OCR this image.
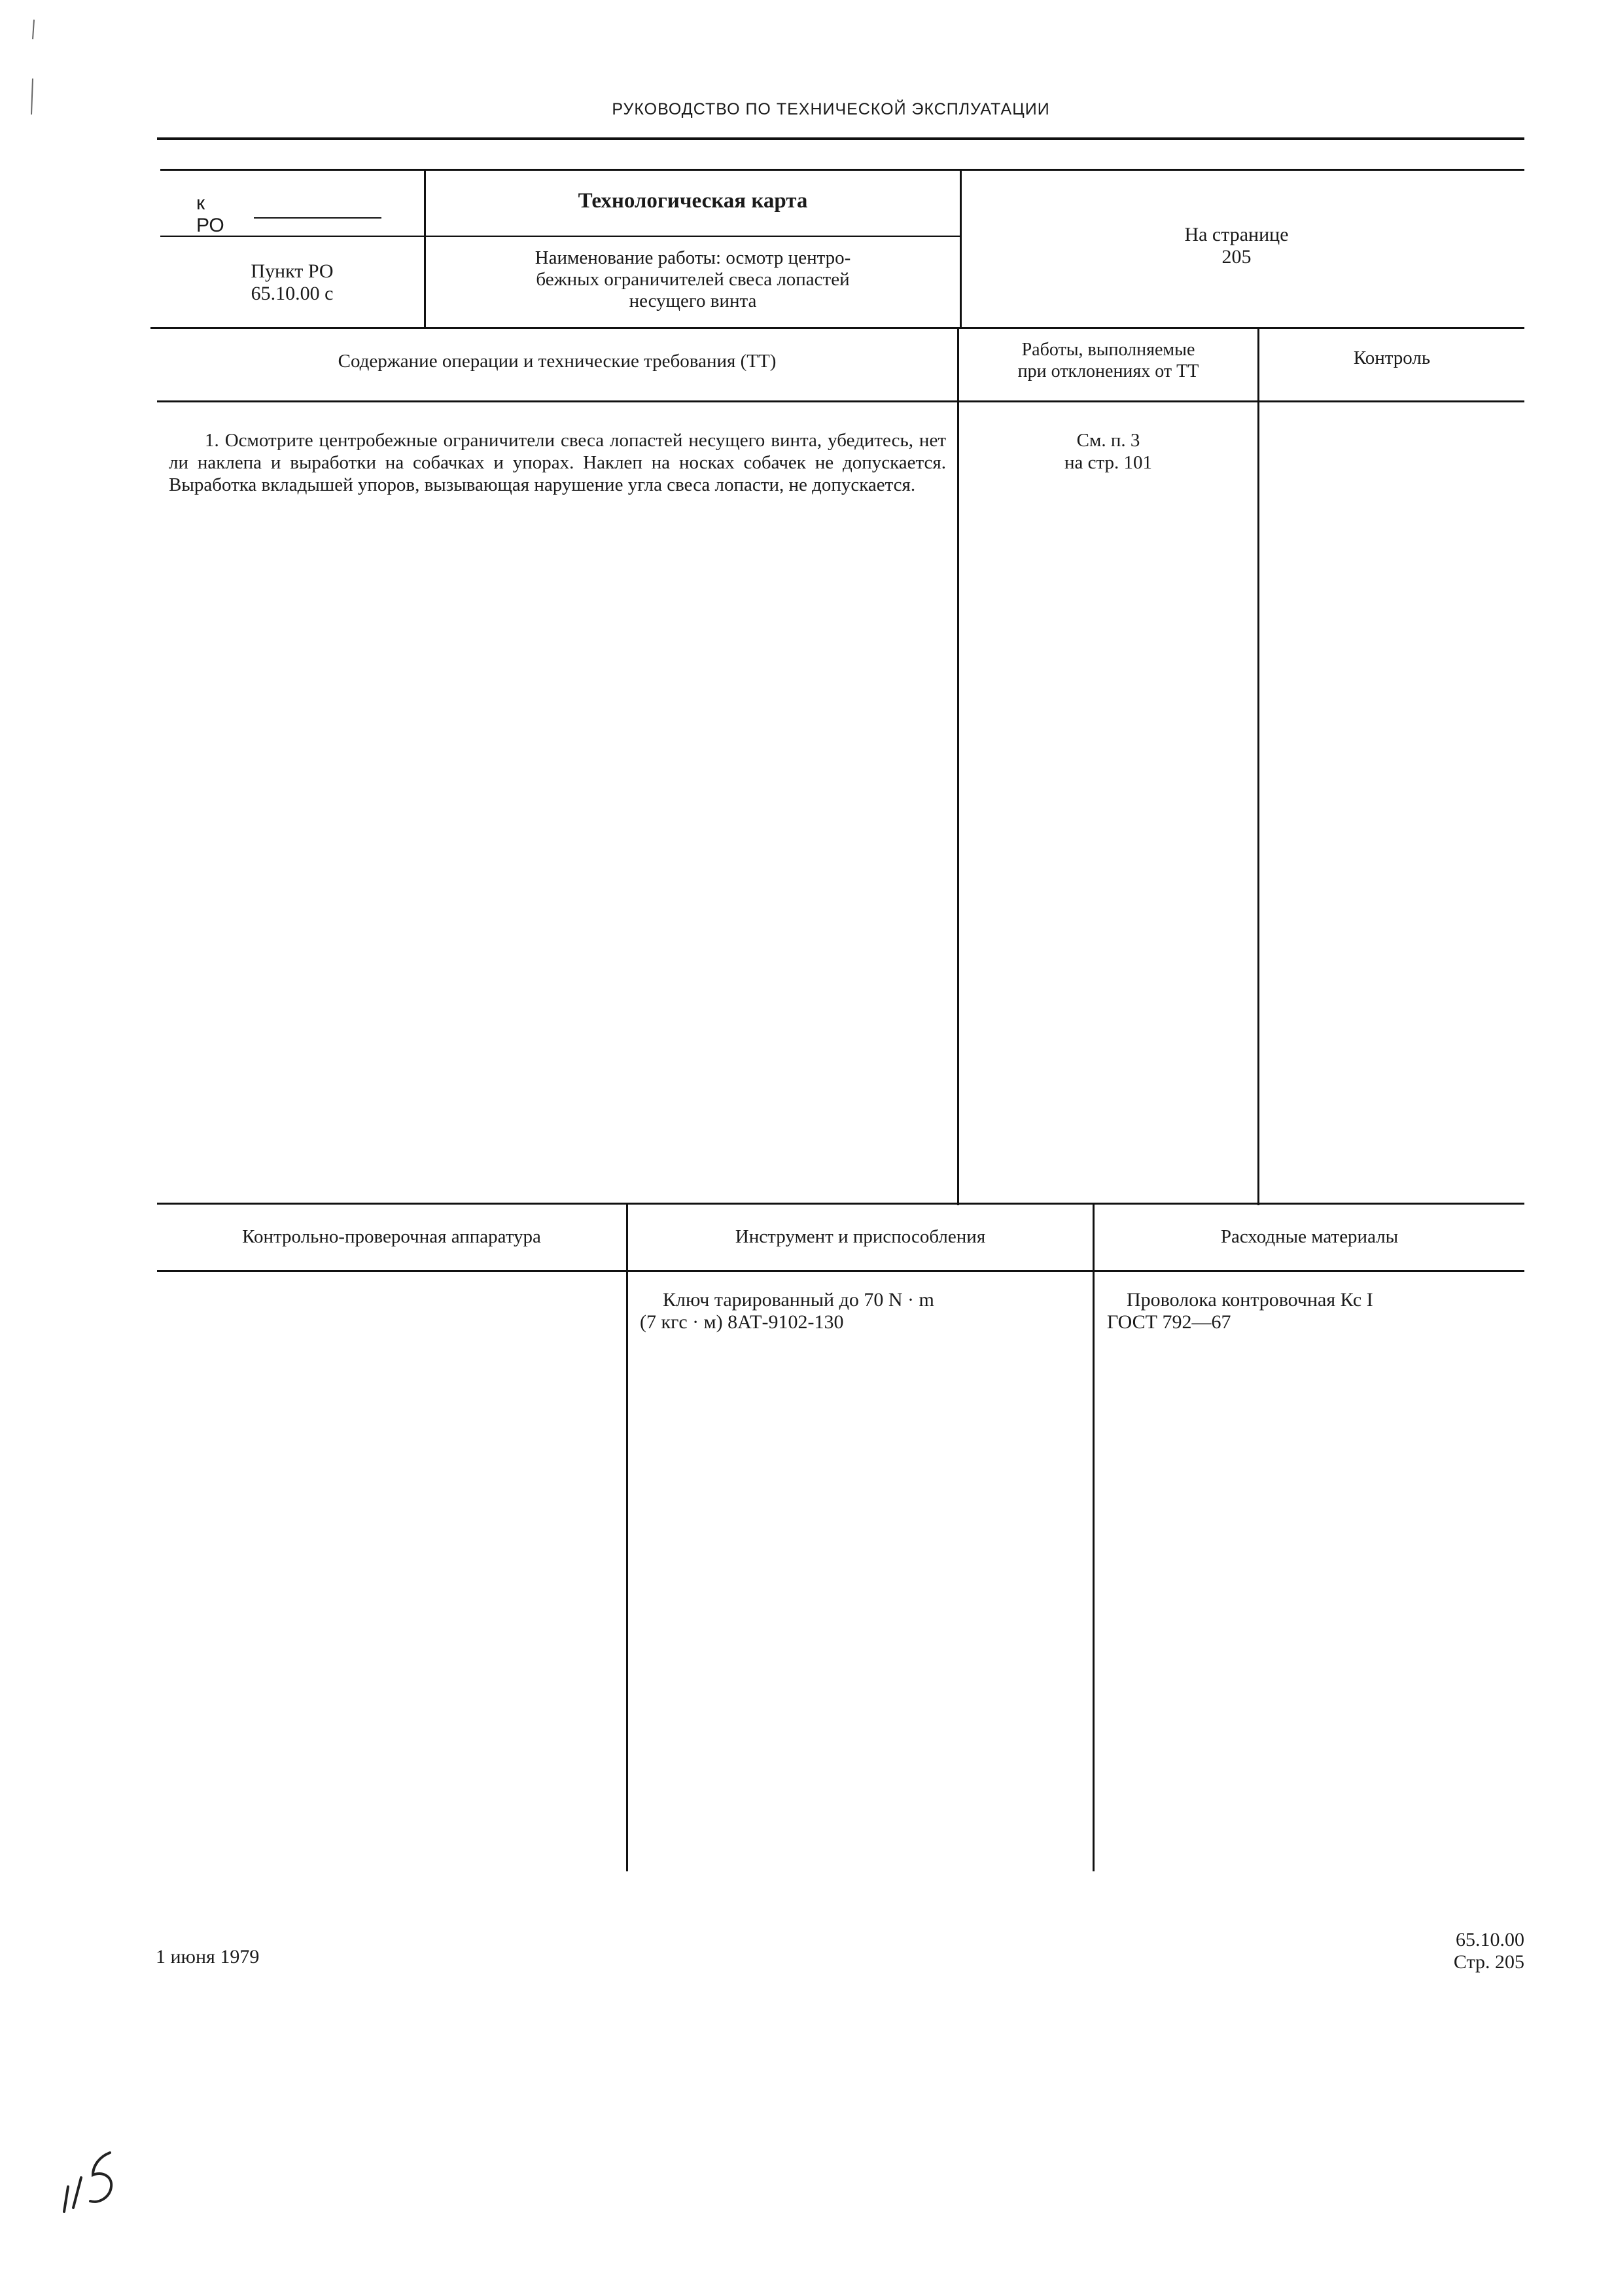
РУКОВОДСТВО ПО ТЕХНИЧЕСКОЙ ЭКСПЛУАТАЦИИ
к РО
Технологическая карта
На странице
205
Пункт РО
65.10.00 с
Наименование работы: осмотр центро-
бежных ограничителей свеса лопастей
несущего винта
Содержание операции и технические требования (ТТ)
Работы, выполняемые
при отклонениях от ТТ
Контроль
1. Осмотрите центробежные ограничители свеса лопастей несущего винта, убедитесь, нет ли наклепа и выработки на собачках и упорах. Наклеп на носках собачек не допускается. Выработка вкладышей упоров, вызывающая нарушение угла свеса лопасти, не допускается.
См. п. 3
на стр. 101
Контрольно-проверочная аппаратура	Инструмент и приспособления	Расходные материалы
Ключ тарированный до 70 N · m
(7 кгс · м) 8АТ-9102-130
Проволока контровочная Кс I
ГОСТ 792—67
1 июня 1979
65.10.00
Стр. 205
